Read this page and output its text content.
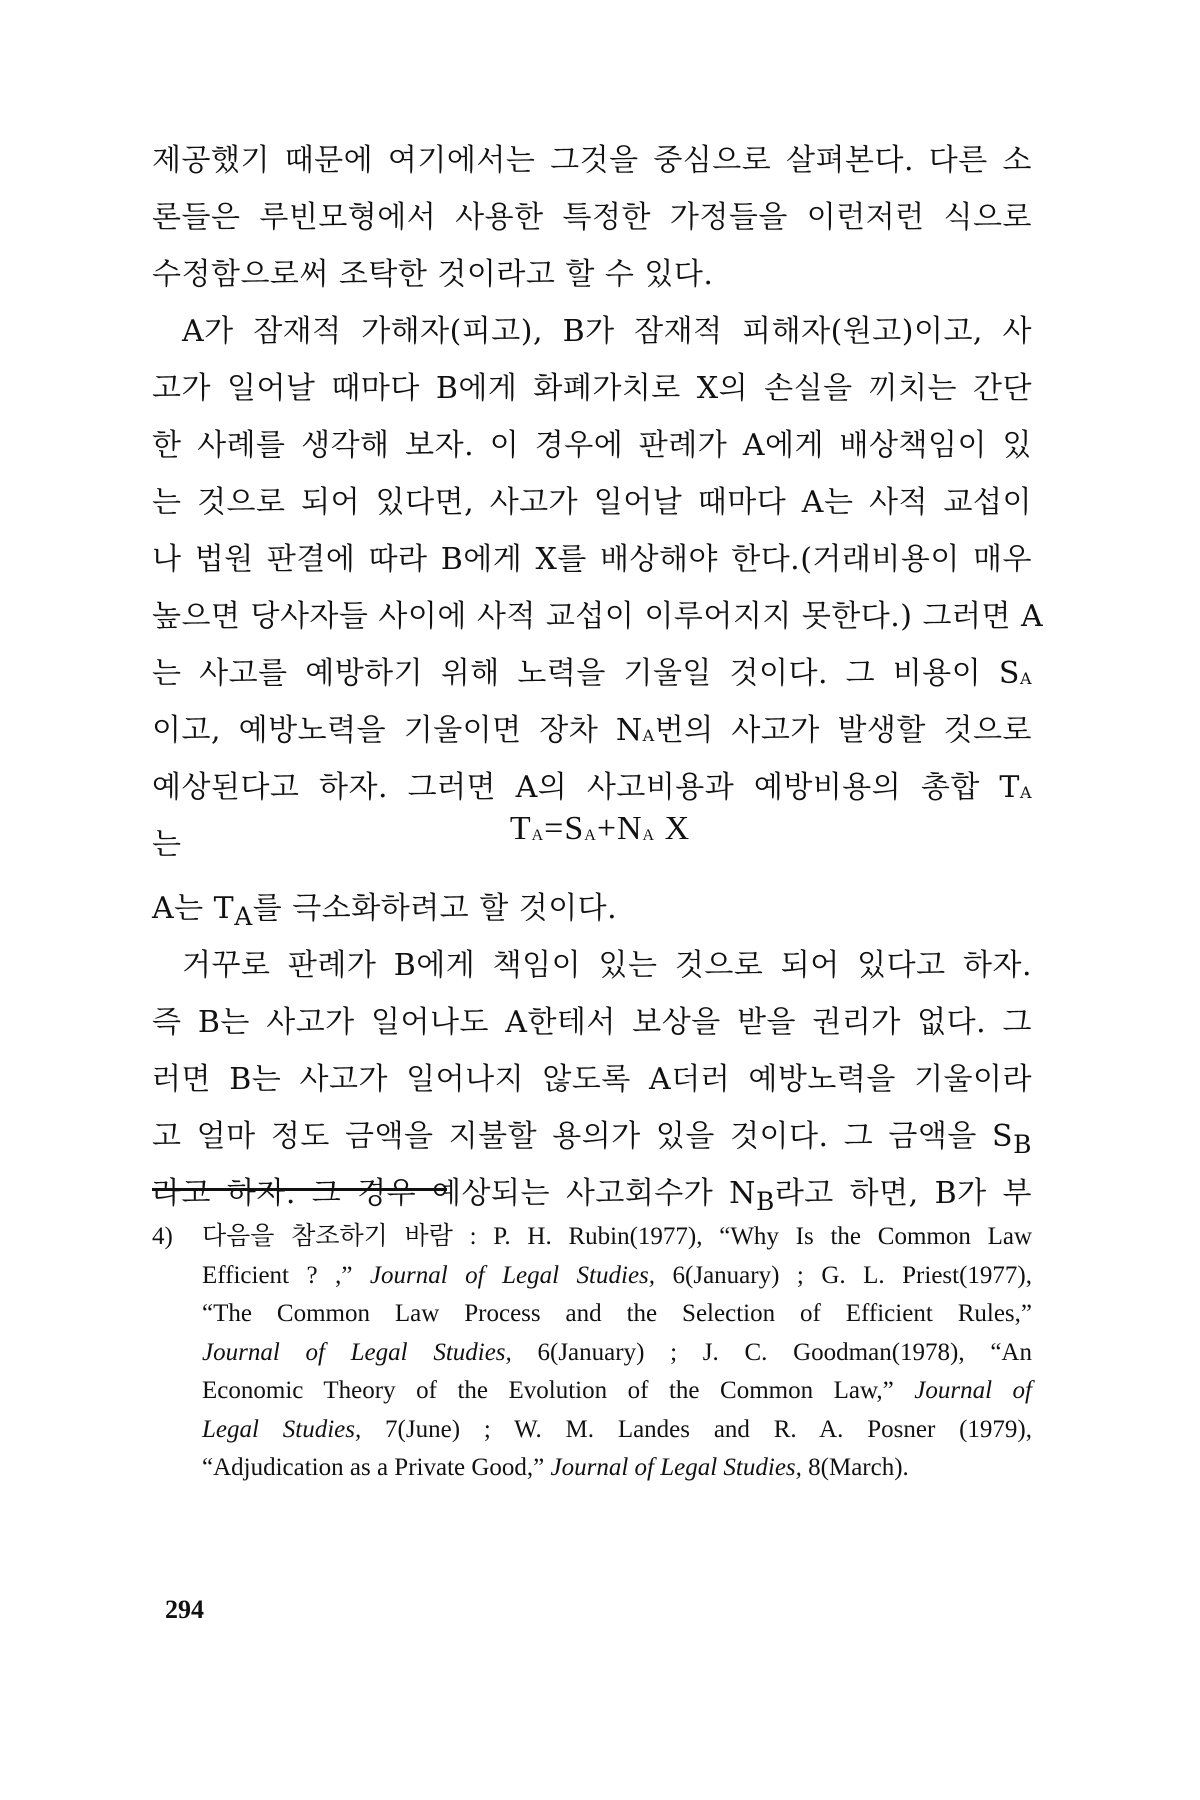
제공했기 때문에 여기에서는 그것을 중심으로 살펴본다. 다른 소
론들은 루빈모형에서 사용한 특정한 가정들을 이런저런 식으로
수정함으로써 조탁한 것이라고 할 수 있다.
A가 잠재적 가해자(피고), B가 잠재적 피해자(원고)이고, 사
고가 일어날 때마다 B에게 화폐가치로 X의 손실을 끼치는 간단
한 사례를 생각해 보자. 이 경우에 판례가 A에게 배상책임이 있
는 것으로 되어 있다면, 사고가 일어날 때마다 A는 사적 교섭이
나 법원 판결에 따라 B에게 X를 배상해야 한다.(거래비용이 매우
높으면 당사자들 사이에 사적 교섭이 이루어지지 못한다.) 그러면 A
는 사고를 예방하기 위해 노력을 기울일 것이다. 그 비용이 $S_A$
이고, 예방노력을 기울이면 장차 $N_A$번의 사고가 발생할 것으로
예상된다고 하자. 그러면 A의 사고비용과 예방비용의 총합 $T_A$
는	$T_A=S_A+N_A$ X
A는 $T_A$를 극소화하려고 할 것이다.
거꾸로 판례가 B에게 책임이 있는 것으로 되어 있다고 하자.
즉 B는 사고가 일어나도 A한테서 보상을 받을 권리가 없다. 그
러면 B는 사고가 일어나지 않도록 A더러 예방노력을 기울이라
고 얼마 정도 금액을 지불할 용의가 있을 것이다. 그 금액을 $S_B$
라고 하자. 그 경우 예상되는 사고회수가 $N_B$라고 하면, B가 부
4) 다음을 참조하기 바람 : P. H. Rubin(1977), “Why Is the Common Law
Efficient ? ,” Journal of Legal Studies, 6(January) ; G. L. Priest(1977),
“The Common Law Process and the Selection of Efficient Rules,”
Journal of Legal Studies, 6(January) ; J. C. Goodman(1978), “An
Economic Theory of the Evolution of the Common Law,” Journal of
Legal Studies, 7(June) ; W. M. Landes and R. A. Posner (1979),
“Adjudication as a Private Good,” Journal of Legal Studies, 8(March).
294
